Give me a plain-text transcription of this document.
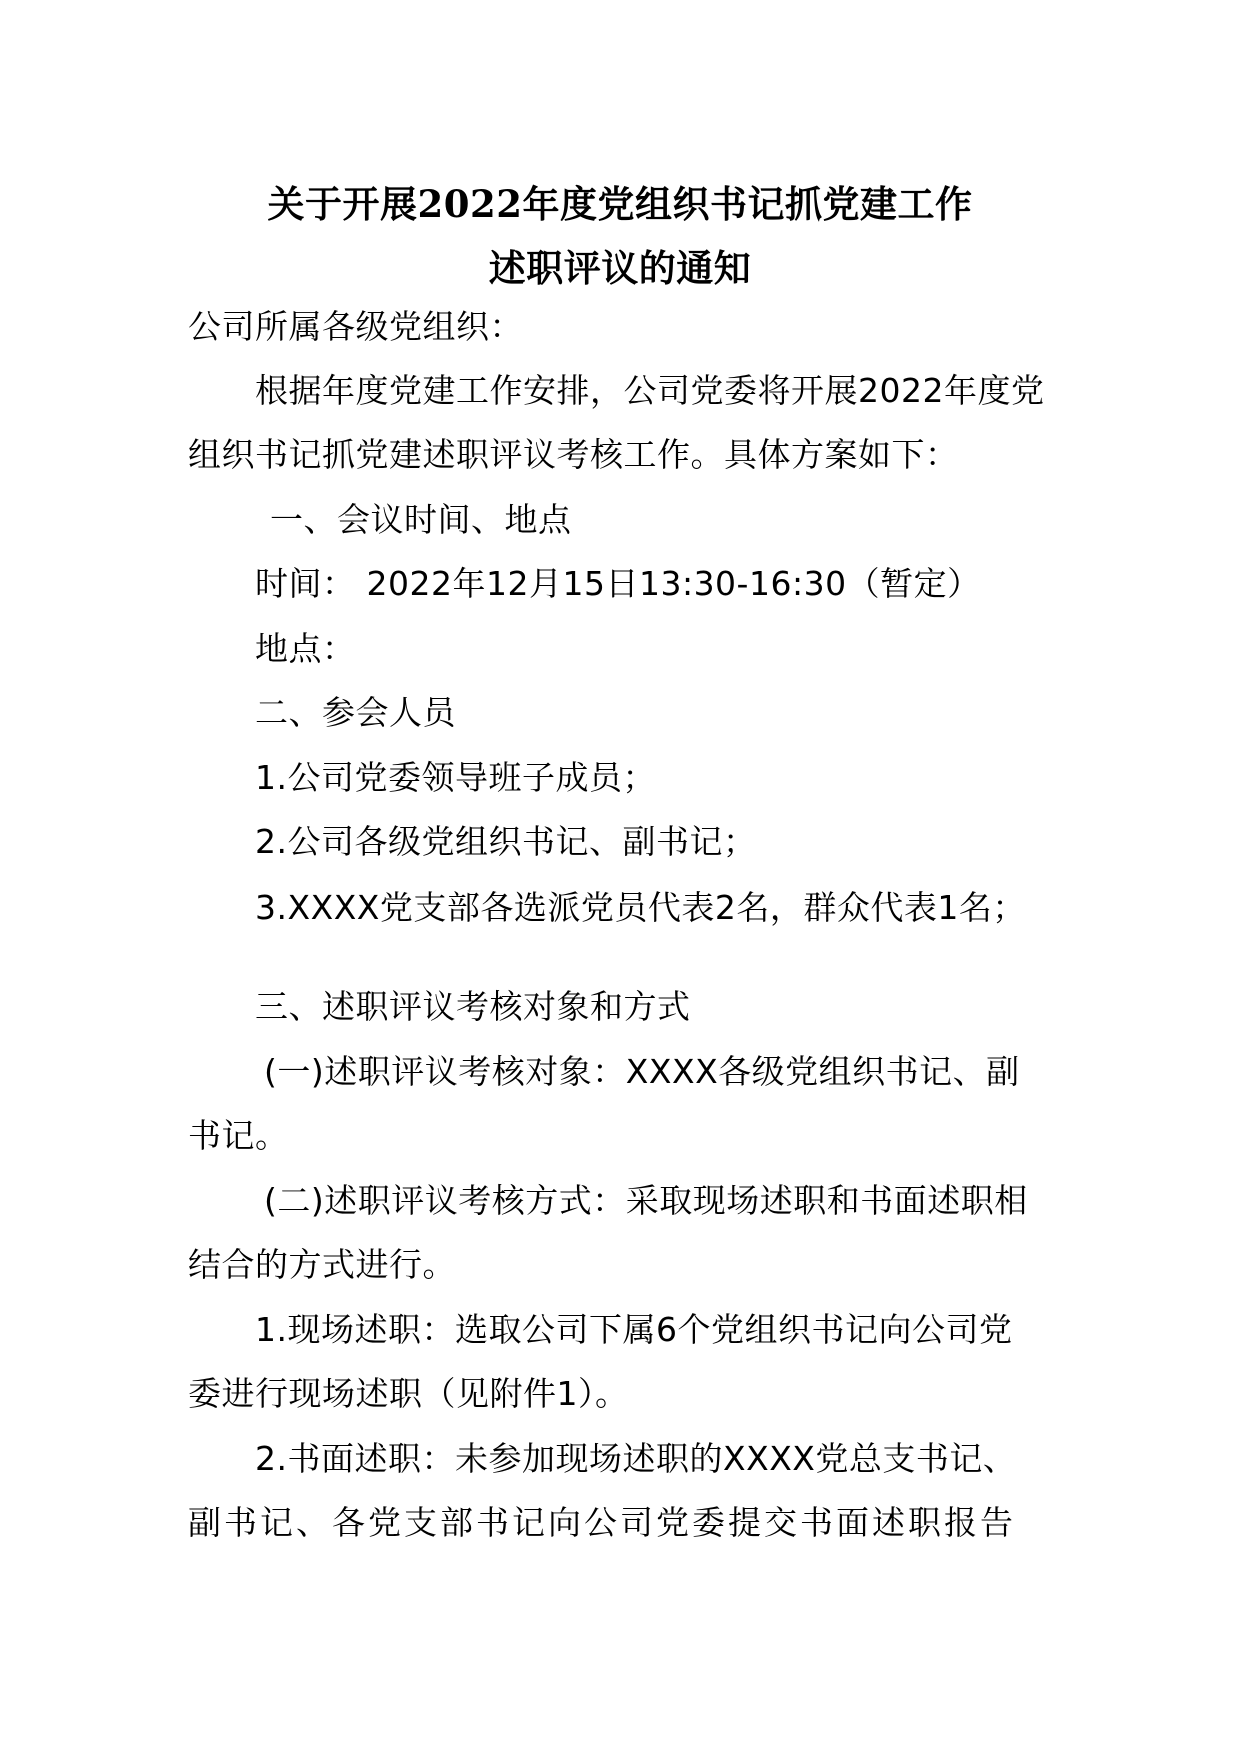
关于开展2022年度党组织书记抓党建工作
述职评议的通知
公司所属各级党组织：
根据年度党建工作安排，公司党委将开展2022年度党
组织书记抓党建述职评议考核工作。具体方案如下：
一、会议时间、地点
时间： 2022年12月15日13:30-16:30（暂定）
地点：
二、参会人员
1.公司党委领导班子成员；
2.公司各级党组织书记、副书记；
3.XXXX党支部各选派党员代表2名，群众代表1名；
三、述职评议考核对象和方式
(一)述职评议考核对象：XXXX各级党组织书记、副
书记。
(二)述职评议考核方式：采取现场述职和书面述职相
结合的方式进行。
1.现场述职：选取公司下属6个党组织书记向公司党
委进行现场述职（见附件1）。
2.书面述职：未参加现场述职的XXXX党总支书记、
副书记、各党支部书记向公司党委提交书面述职报告
